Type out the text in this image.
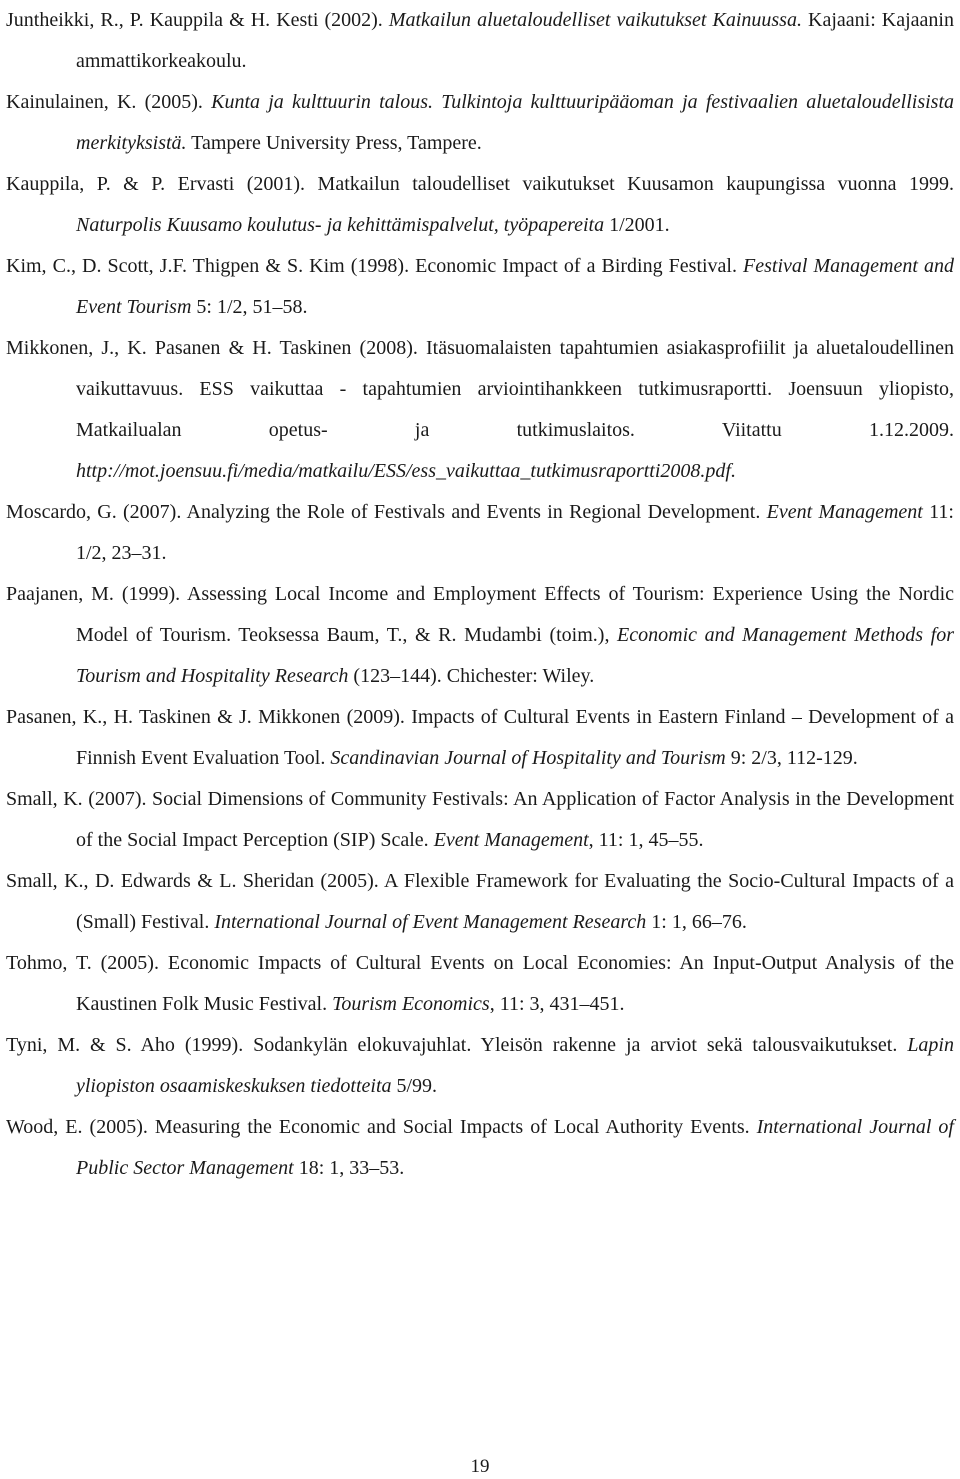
Juntheikki, R., P. Kauppila & H. Kesti (2002). Matkailun aluetaloudelliset vaikutukset Kainuussa. Kajaani: Kajaanin ammattikorkeakoulu.

Kainulainen, K. (2005). Kunta ja kulttuurin talous. Tulkintoja kulttuuripääoman ja festivaalien aluetaloudellisista merkityksistä. Tampere University Press, Tampere.

Kauppila, P. & P. Ervasti (2001). Matkailun taloudelliset vaikutukset Kuusamon kaupungissa vuonna 1999. Naturpolis Kuusamo koulutus- ja kehittämispalvelut, työpapereita 1/2001.

Kim, C., D. Scott, J.F. Thigpen & S. Kim (1998). Economic Impact of a Birding Festival. Festival Management and Event Tourism 5: 1/2, 51–58.

Mikkonen, J., K. Pasanen & H. Taskinen (2008). Itäsuomalaisten tapahtumien asiakasprofiilit ja aluetaloudellinen vaikuttavuus. ESS vaikuttaa - tapahtumien arviointihankkeen tutkimusraportti. Joensuun yliopisto, Matkailualan opetus- ja tutkimuslaitos. Viitattu 1.12.2009. http://mot.joensuu.fi/media/matkailu/ESS/ess_vaikuttaa_tutkimusraportti2008.pdf.

Moscardo, G. (2007). Analyzing the Role of Festivals and Events in Regional Development. Event Management 11: 1/2, 23–31.

Paajanen, M. (1999). Assessing Local Income and Employment Effects of Tourism: Experience Using the Nordic Model of Tourism. Teoksessa Baum, T., & R. Mudambi (toim.), Economic and Management Methods for Tourism and Hospitality Research (123–144). Chichester: Wiley.

Pasanen, K., H. Taskinen & J. Mikkonen (2009). Impacts of Cultural Events in Eastern Finland – Development of a Finnish Event Evaluation Tool. Scandinavian Journal of Hospitality and Tourism 9: 2/3, 112-129.

Small, K. (2007). Social Dimensions of Community Festivals: An Application of Factor Analysis in the Development of the Social Impact Perception (SIP) Scale. Event Management, 11: 1, 45–55.

Small, K., D. Edwards & L. Sheridan (2005). A Flexible Framework for Evaluating the Socio-Cultural Impacts of a (Small) Festival. International Journal of Event Management Research 1: 1, 66–76.

Tohmo, T. (2005). Economic Impacts of Cultural Events on Local Economies: An Input-Output Analysis of the Kaustinen Folk Music Festival. Tourism Economics, 11: 3, 431–451.

Tyni, M. & S. Aho (1999). Sodankylän elokuvajuhlat. Yleisön rakenne ja arviot sekä talousvaikutukset. Lapin yliopiston osaamiskeskuksen tiedotteita 5/99.

Wood, E. (2005). Measuring the Economic and Social Impacts of Local Authority Events. International Journal of Public Sector Management 18: 1, 33–53.

19
